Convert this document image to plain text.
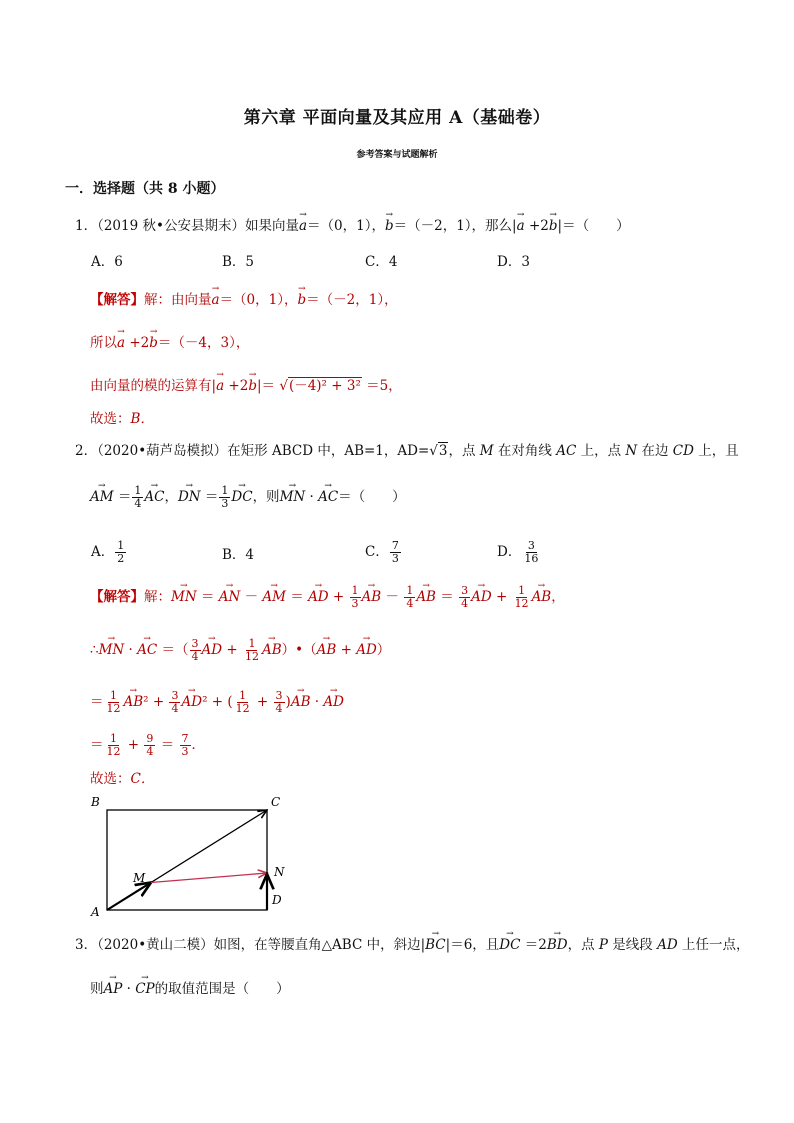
第六章 平面向量及其应用 A（基础卷）
参考答案与试题解析
一．选择题（共 8 小题）
1．（2019 秋•公安县期末）如果向量→ a＝（0，1），→ b＝（－2，1），那么|→ a +2→ b|＝（　　）
A．6	B．5	C．4	D．3
【解答】解：由向量→ a＝（0，1），→ b＝（－2，1），
所以→ a +2→ b＝（－4，3），
由向量的模的运算有|→ a +2→ b|＝ √(－4)² + 3² ＝5，
故选：B．
2．（2020•葫芦岛模拟）在矩形 ABCD 中，AB=1，AD=√3，点 M 在对角线 AC 上，点 N 在边 CD 上，且
→ AM ＝ $\frac{1}{4}$
→ AC，→ DN ＝ $\frac{1}{3}$
→ DC，则→ MN · → AC＝（　　）
A． $\frac{1}{2}$	B．4	C． $\frac{7}{3}$	D． $\frac{3}{16}$
【解答】解：→ MN ＝ → AN － → AM ＝ → AD + $\frac{1}{3}$
→ AB － $\frac{1}{4}$
→ AB ＝ $\frac{3}{4}$
→ AD + $\frac{1}{12}$
→ AB，
∴→ MN · → AC ＝（ $\frac{3}{4}$
→ AD + $\frac{1}{12}$
→ AB）•（→ AB + → AD）
＝ $\frac{1}{12}$
→ $AB^2 + \frac{3}{4}$
→ AD² + ( $\frac{1}{12} + \frac{3}{4}$ )→ AB · → AD
＝ $\frac{1}{12} + \frac{9}{4} = \frac{7}{3}$ ．
故选：C．
A
B	C
D
M	N
3．（2020•黄山二模）如图，在等腰直角△ABC 中，斜边|→ BC|＝6，且→ DC ＝2→ BD，点 P 是线段 AD 上任一点，
则→ AP · → CP的取值范围是（　　）
